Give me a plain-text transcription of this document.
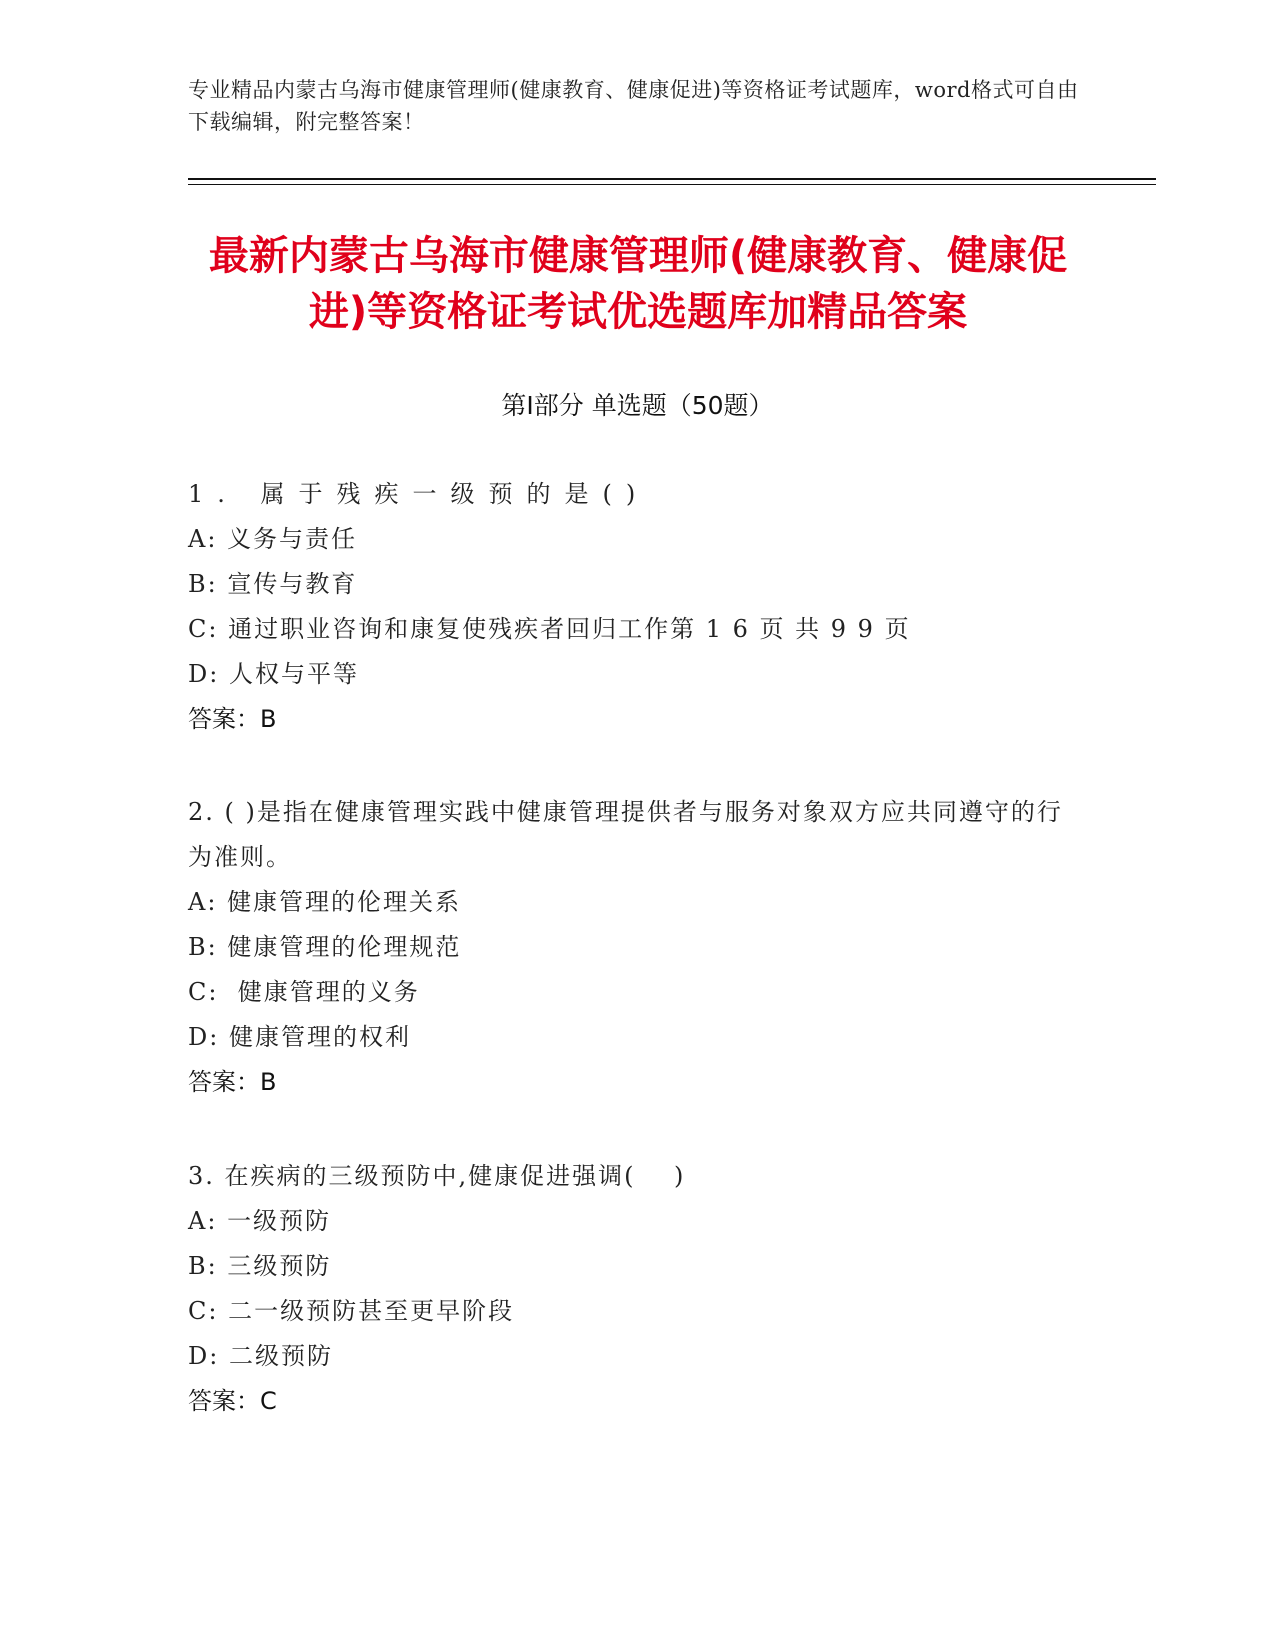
专业精品内蒙古乌海市健康管理师(健康教育、健康促进)等资格证考试题库，word格式可自由下载编辑，附完整答案！
最新内蒙古乌海市健康管理师(健康教育、健康促进)等资格证考试优选题库加精品答案
第Ⅰ部分 单选题（50题）
1. 属于残疾一级预的是()
A: 义务与责任
B: 宣传与教育
C: 通过职业咨询和康复使残疾者回归工作第 1 6 页 共 9 9 页
D: 人权与平等
答案：B
2. ( )是指在健康管理实践中健康管理提供者与服务对象双方应共同遵守的行为准则。
A: 健康管理的伦理关系
B: 健康管理的伦理规范
C:  健康管理的义务
D: 健康管理的权利
答案：B
3. 在疾病的三级预防中,健康促进强调(    )
A: 一级预防
B: 三级预防
C: 二一级预防甚至更早阶段
D: 二级预防
答案：C
